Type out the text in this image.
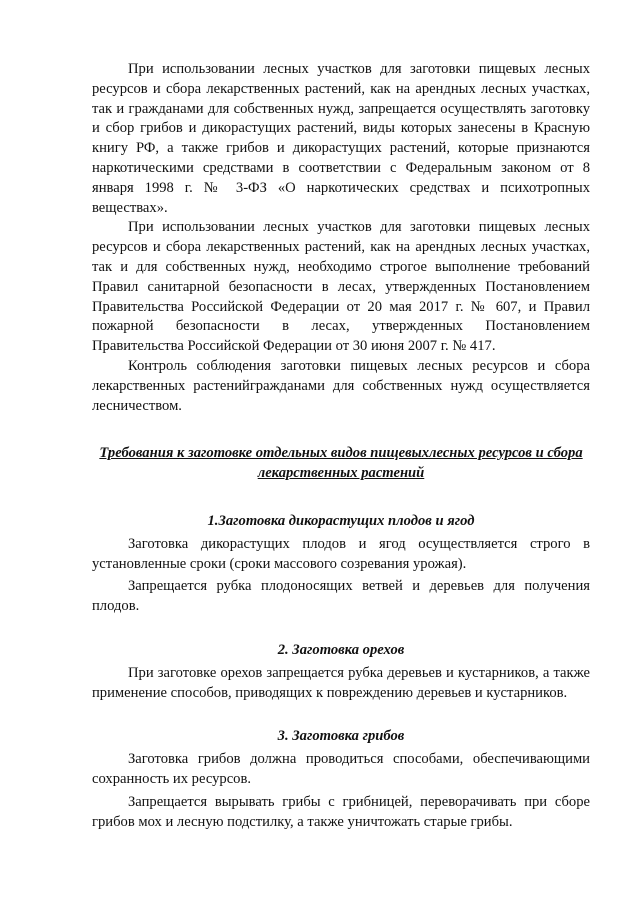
При использовании лесных участков для заготовки пищевых лесных ресурсов и сбора лекарственных растений, как на арендных лесных участках, так и гражданами для собственных нужд, запрещается осуществлять заготовку и сбор грибов и дикорастущих растений, виды которых занесены в Красную книгу РФ, а также грибов и дикорастущих растений, которые признаются наркотическими средствами в соответствии с Федеральным законом от 8 января 1998 г. № 3-ФЗ «О наркотических средствах и психотропных веществах».

При использовании лесных участков для заготовки пищевых лесных ресурсов и сбора лекарственных растений, как на арендных лесных участках, так и для собственных нужд, необходимо строгое выполнение требований Правил санитарной безопасности в лесах, утвержденных Постановлением Правительства Российской Федерации от 20 мая 2017 г. № 607, и Правил пожарной безопасности в лесах, утвержденных Постановлением Правительства Российской Федерации от 30 июня 2007 г. № 417.

Контроль соблюдения заготовки пищевых лесных ресурсов и сбора лекарственных растенийгражданами для собственных нужд осуществляется лесничеством.

Требования к заготовке отдельных видов пищевыхлесных ресурсов и сбора лекарственных растений
1.Заготовка дикорастущих плодов и ягод

Заготовка дикорастущих плодов и ягод осуществляется строго в установленные сроки (сроки массового созревания урожая).

Запрещается рубка плодоносящих ветвей и деревьев для получения плодов.

2. Заготовка орехов

При заготовке орехов запрещается рубка деревьев и кустарников, а также применение способов, приводящих к повреждению деревьев и кустарников.

3. Заготовка грибов

Заготовка грибов должна проводиться способами, обеспечивающими сохранность их ресурсов.

Запрещается вырывать грибы с грибницей, переворачивать при сборе грибов мох и лесную подстилку, а также уничтожать старые грибы.
